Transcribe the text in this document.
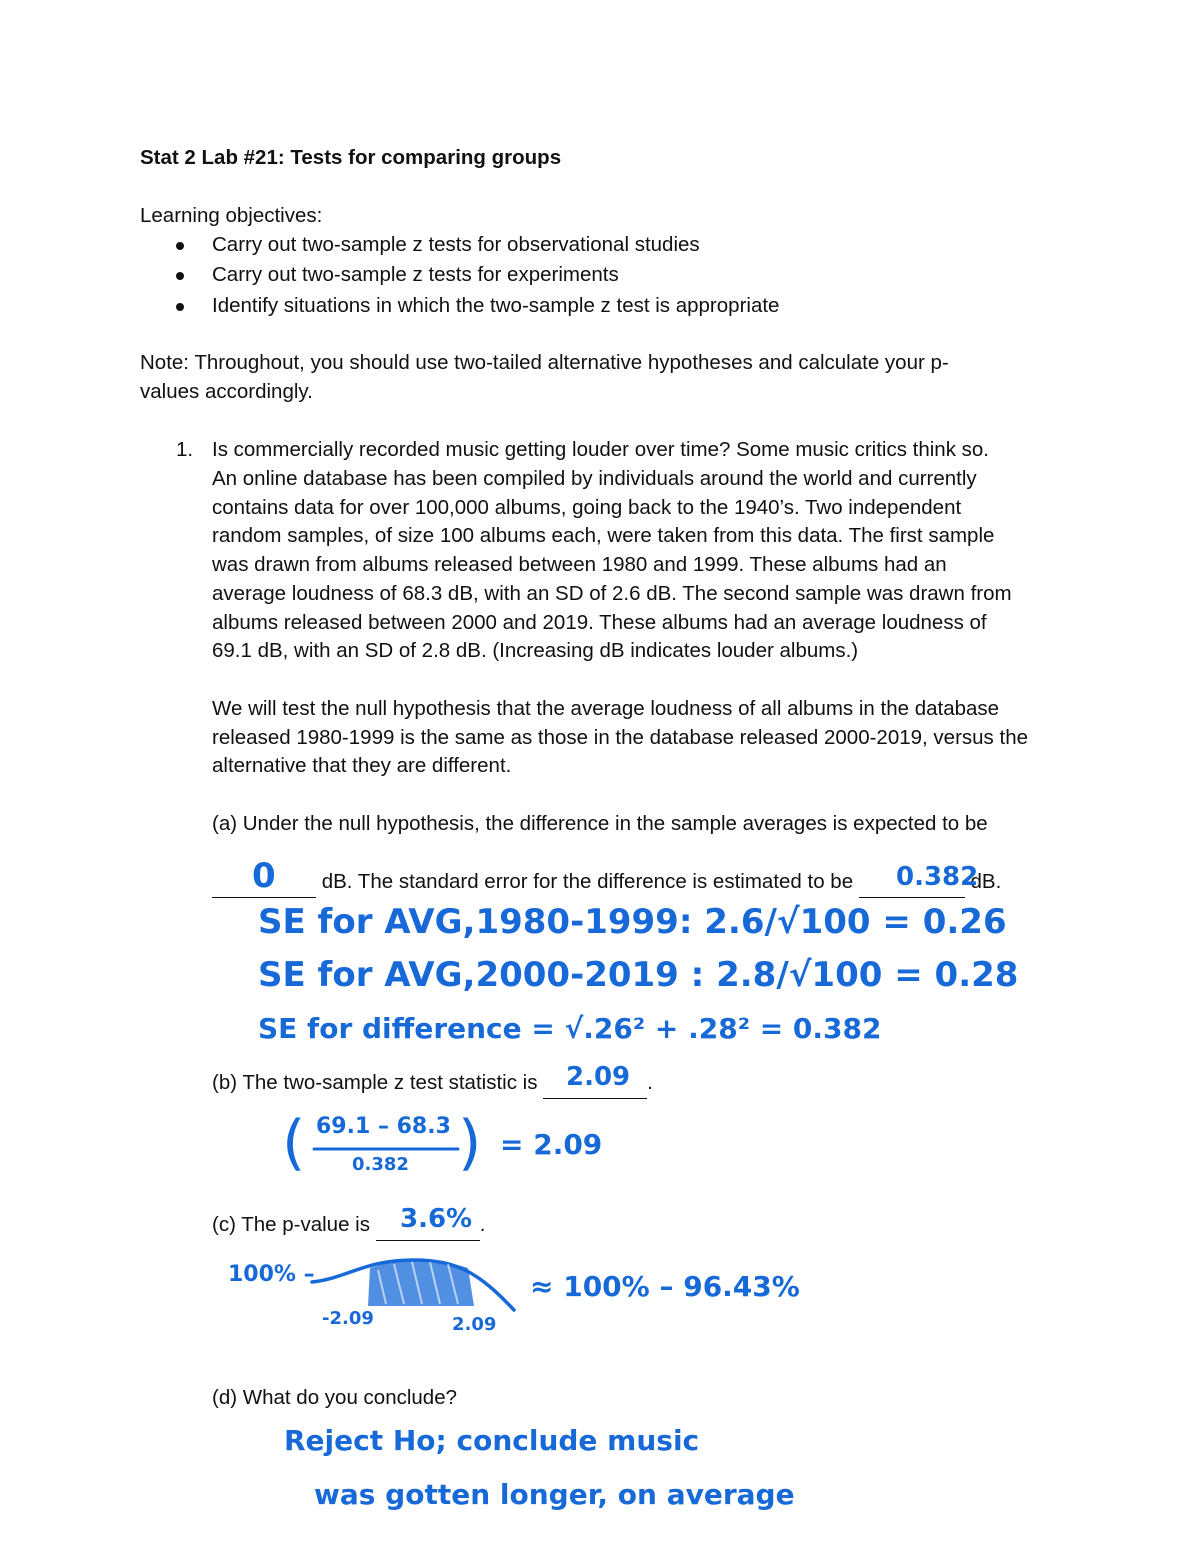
Stat 2 Lab #21: Tests for comparing groups
Learning objectives:
Carry out two-sample z tests for observational studies
Carry out two-sample z tests for experiments
Identify situations in which the two-sample z test is appropriate
Note: Throughout, you should use two-tailed alternative hypotheses and calculate your p-
values accordingly.
1. Is commercially recorded music getting louder over time? Some music critics think so.
An online database has been compiled by individuals around the world and currently
contains data for over 100,000 albums, going back to the 1940’s. Two independent
random samples, of size 100 albums each, were taken from this data. The first sample
was drawn from albums released between 1980 and 1999. These albums had an
average loudness of 68.3 dB, with an SD of 2.6 dB. The second sample was drawn from
albums released between 2000 and 2019. These albums had an average loudness of
69.1 dB, with an SD of 2.8 dB. (Increasing dB indicates louder albums.)
We will test the null hypothesis that the average loudness of all albums in the database
released 1980-1999 is the same as those in the database released 2000-2019, versus the
alternative that they are different.
(a) Under the null hypothesis, the difference in the sample averages is expected to be
dB. The standard error for the difference is estimated to be	dB.
0	0.382
SE for AVG,1980-1999: 2.6/√100 = 0.26
SE for AVG,2000-2019 : 2.8/√100 = 0.28
SE for difference = √.26² + .28² = 0.382
(b) The two-sample z test statistic is	.
2.09
( 69.1 – 68.3
0.382 ) = 2.09
(c) The p-value is	.
3.6%
100% –
-2.09	2.09
≈ 100% – 96.43%
(d) What do you conclude?
Reject Ho; conclude music
was gotten longer, on average
